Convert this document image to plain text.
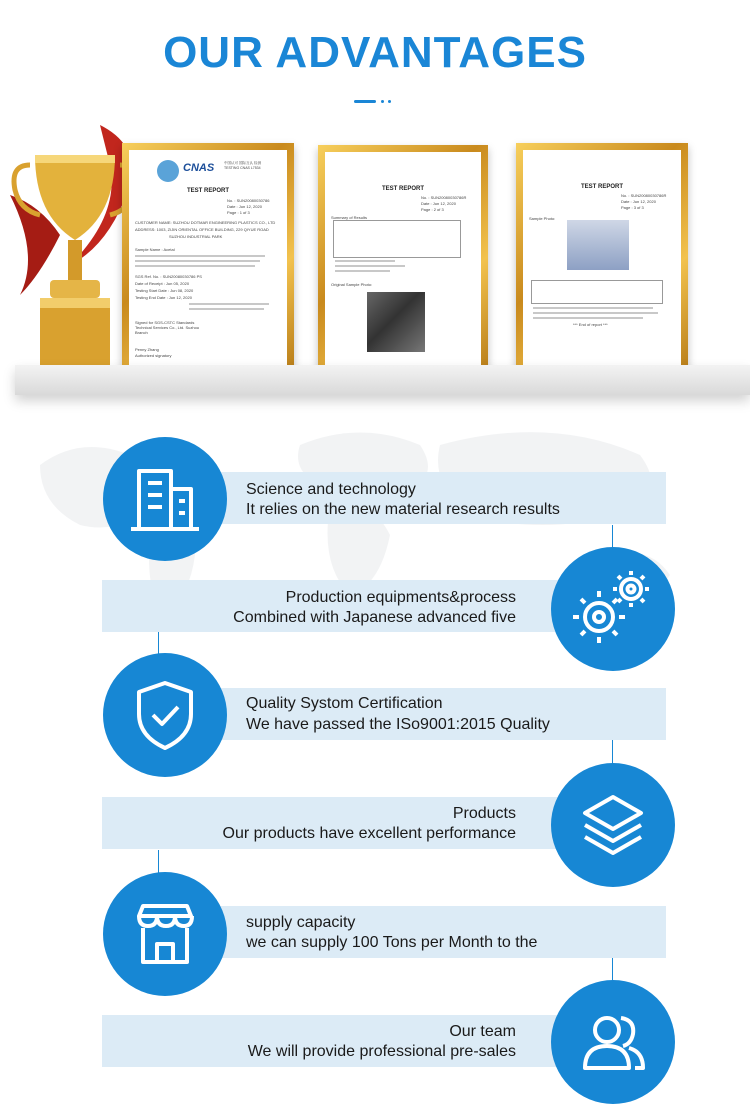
OUR ADVANTAGES
CNAS	中国认可 国际互认 检测 TESTING CNAS L7534
TEST REPORT
No. : SUN20080030786
Date : Jun 12, 2020
Page : 1 of 3
CUSTOMER NAME: SUZHOU DOTMAR ENGINEERING PLASTICS CO., LTD
ADDRESS: 1003, ZIJIN ORIENTAL OFFICE BUILDING, 229 QIYUE ROAD
SUZHOU INDUSTRIAL PARK
Sample Name : Acetal
SGS Ref. No. : SUN20080030786 PS
Date of Receipt : Jun 05, 2020
Testing Start Date : Jun 08, 2020
Testing End Date : Jun 12, 2020
Signed for SGS-CSTC Standards Technical Services Co., Ltd. Suzhou Branch
Penny Zhang
Authorized signatory
TEST REPORT
No. : SUN20080030786R
Date : Jun 12, 2020
Page : 2 of 3
Summary of Results
Original Sample Photo:
TEST REPORT
No. : SUN20080030786R
Date : Jun 12, 2020
Page : 3 of 3
Sample Photo:
*** End of report ***
Science and technology
It relies on the new material research results
Production equipments&process
Combined with Japanese advanced five
Quality Systom Certification
We have passed the ISo9001:2015 Quality
Products
Our products have excellent performance
supply capacity
we can supply 100 Tons per Month to the
Our team
We will provide professional pre-sales
